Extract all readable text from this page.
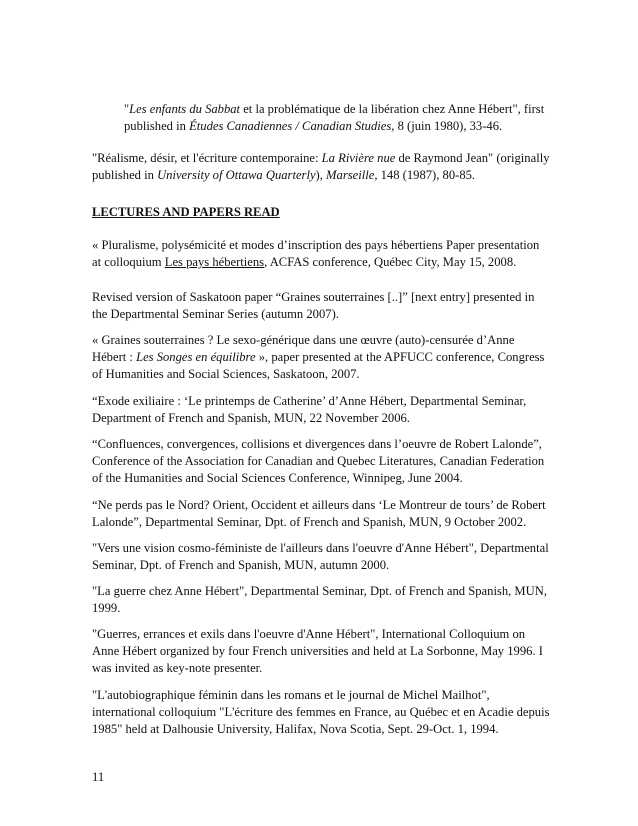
"Les enfants du Sabbat et la problématique de la libération chez Anne Hébert", first published in Études Canadiennes / Canadian Studies, 8 (juin 1980), 33-46.

"Réalisme, désir, et l'écriture contemporaine: La Rivière nue de Raymond Jean" (originally published in University of Ottawa Quarterly), Marseille, 148 (1987), 80-85.

LECTURES AND PAPERS READ

« Pluralisme, polysémicité et modes d’inscription des pays hébertiens Paper presentation at colloquium Les pays hébertiens, ACFAS conference, Québec City, May 15, 2008.

Revised version of Saskatoon paper “Graines souterraines [..]” [next entry] presented in the Departmental Seminar Series (autumn 2007).

« Graines souterraines ? Le sexo-générique dans une œuvre (auto)-censurée d’Anne Hébert : Les Songes en équilibre », paper presented at the APFUCC conference, Congress of Humanities and Social Sciences, Saskatoon, 2007.

“Exode exiliaire : ‘Le printemps de Catherine’ d’Anne Hébert, Departmental Seminar, Department of French and Spanish, MUN, 22 November 2006.

“Confluences, convergences, collisions et divergences dans l’oeuvre de Robert Lalonde”, Conference of the Association for Canadian and Quebec Literatures, Canadian Federation of the Humanities and Social Sciences Conference, Winnipeg, June 2004.

“Ne perds pas le Nord? Orient, Occident et ailleurs dans ‘Le Montreur de tours’ de Robert Lalonde”, Departmental Seminar, Dpt. of French and Spanish, MUN, 9 October 2002.

"Vers une vision cosmo-féministe de l'ailleurs dans l'oeuvre d'Anne Hébert", Departmental Seminar, Dpt. of French and Spanish, MUN, autumn 2000.

"La guerre chez Anne Hébert", Departmental Seminar, Dpt. of French and Spanish, MUN, 1999.

"Guerres, errances et exils dans l'oeuvre d'Anne Hébert", International Colloquium on Anne Hébert organized by four French universities and held at La Sorbonne, May 1996. I was invited as key-note presenter.

"L'autobiographique féminin dans les romans et le journal de Michel Mailhot", international colloquium "L'écriture des femmes en France, au Québec et en Acadie depuis 1985" held at Dalhousie University, Halifax, Nova Scotia, Sept. 29-Oct. 1, 1994.

11
